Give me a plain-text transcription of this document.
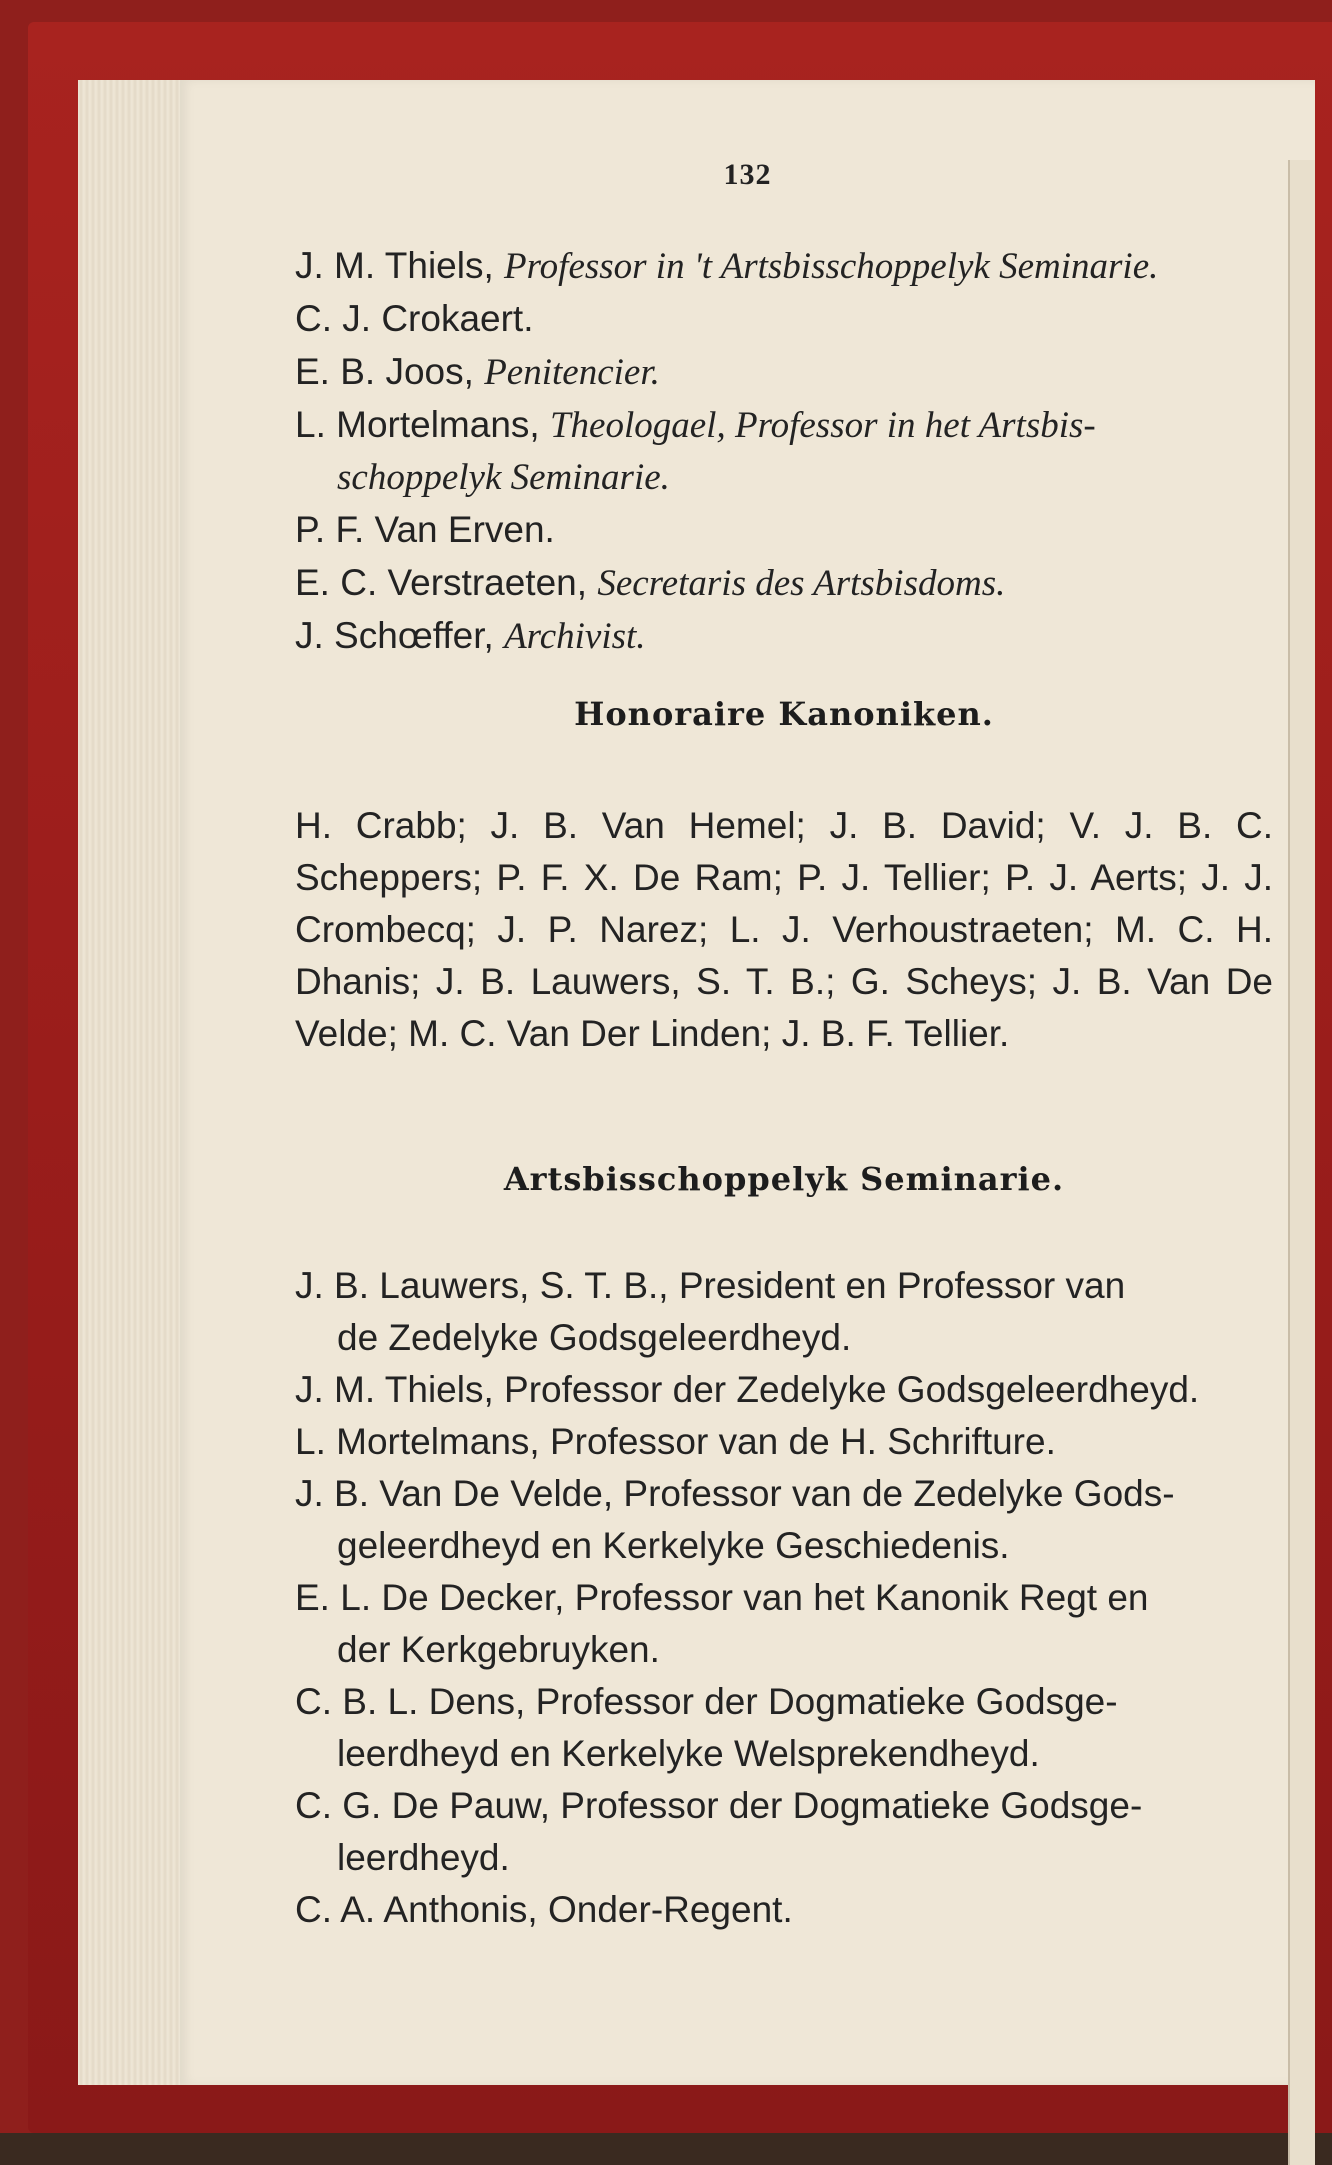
132

J. M. Thiels, Professor in 't Artsbisschoppelyk Seminarie.

C. J. Crokaert.

E. B. Joos, Penitencier.

L. Mortelmans, Theologael, Professor in het Artsbis-

schoppelyk Seminarie.

P. F. Van Erven.

E. C. Verstraeten, Secretaris des Artsbisdoms.

J. Schœffer, Archivist.

Honoraire Kanoniken.

H. Crabb; J. B. Van Hemel; J. B. David; V. J. B. C. Scheppers; P. F. X. De Ram; P. J. Tellier; P. J. Aerts; J. J. Crombecq; J. P. Narez; L. J. Verhoustraeten; M. C. H. Dhanis; J. B. Lauwers, S. T. B.; G. Scheys; J. B. Van De Velde; M. C. Van Der Linden; J. B. F. Tellier.

Artsbisschoppelyk Seminarie.

J. B. Lauwers, S. T. B., President en Professor van

de Zedelyke Godsgeleerdheyd.

J. M. Thiels, Professor der Zedelyke Godsgeleerdheyd.

L. Mortelmans, Professor van de H. Schrifture.

J. B. Van De Velde, Professor van de Zedelyke Gods-

geleerdheyd en Kerkelyke Geschiedenis.

E. L. De Decker, Professor van het Kanonik Regt en

der Kerkgebruyken.

C. B. L. Dens, Professor der Dogmatieke Godsge-

leerdheyd en Kerkelyke Welsprekendheyd.

C. G. De Pauw, Professor der Dogmatieke Godsge-

leerdheyd.

C. A. Anthonis, Onder-Regent.
